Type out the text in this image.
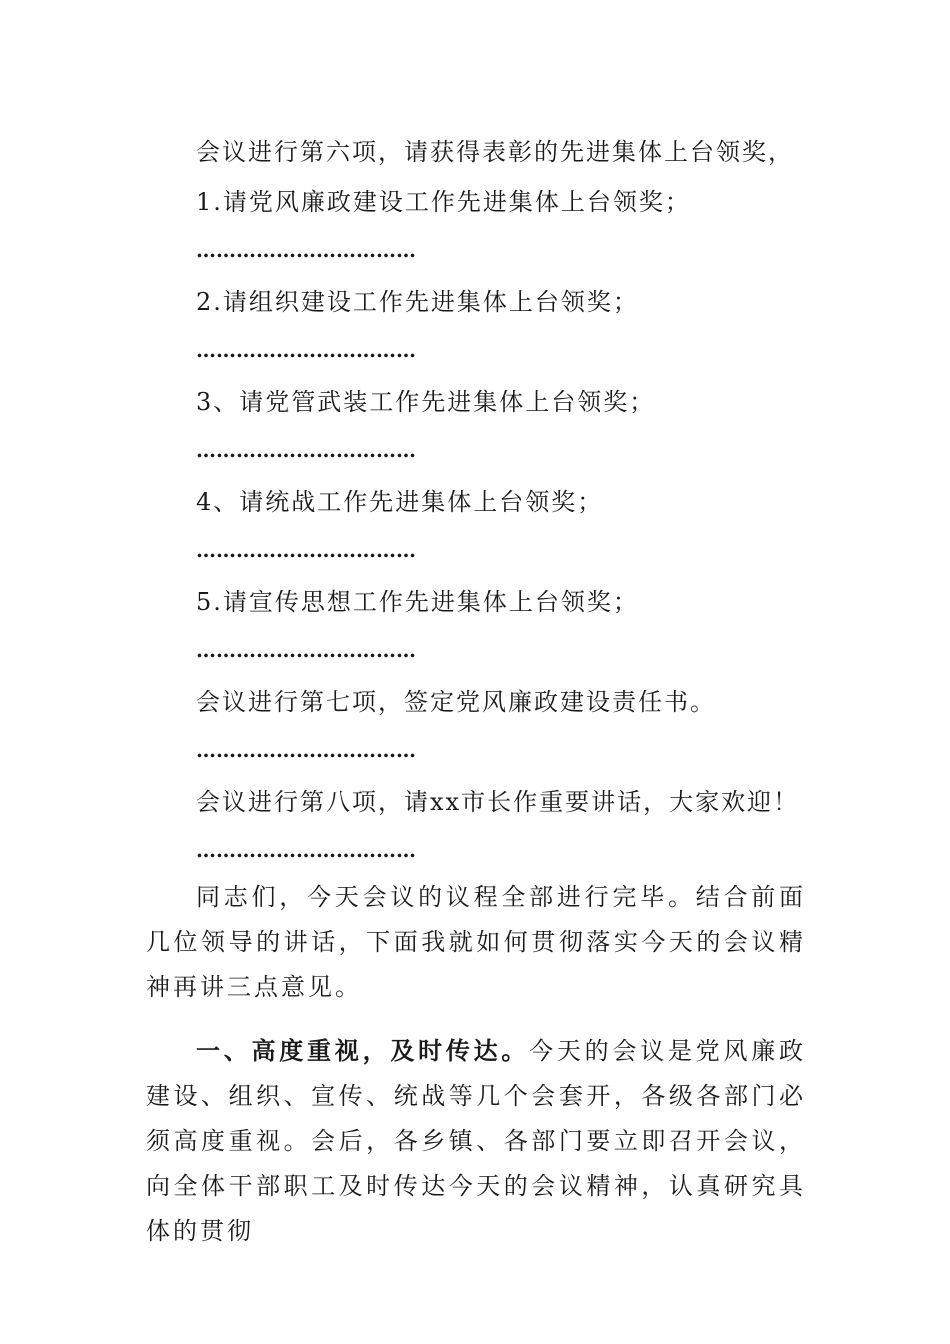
会议进行第六项，请获得表彰的先进集体上台领奖，
1.请党风廉政建设工作先进集体上台领奖；
……………………………
2.请组织建设工作先进集体上台领奖；
……………………………
3、请党管武装工作先进集体上台领奖；
……………………………
4、请统战工作先进集体上台领奖；
……………………………
5.请宣传思想工作先进集体上台领奖；
……………………………
会议进行第七项，签定党风廉政建设责任书。
……………………………
会议进行第八项，请xx市长作重要讲话，大家欢迎！
……………………………
同志们，今天会议的议程全部进行完毕。结合前面几位领导的讲话，下面我就如何贯彻落实今天的会议精神再讲三点意见。
一、高度重视，及时传达。今天的会议是党风廉政建设、组织、宣传、统战等几个会套开，各级各部门必须高度重视。会后，各乡镇、各部门要立即召开会议，向全体干部职工及时传达今天的会议精神，认真研究具体的贯彻
